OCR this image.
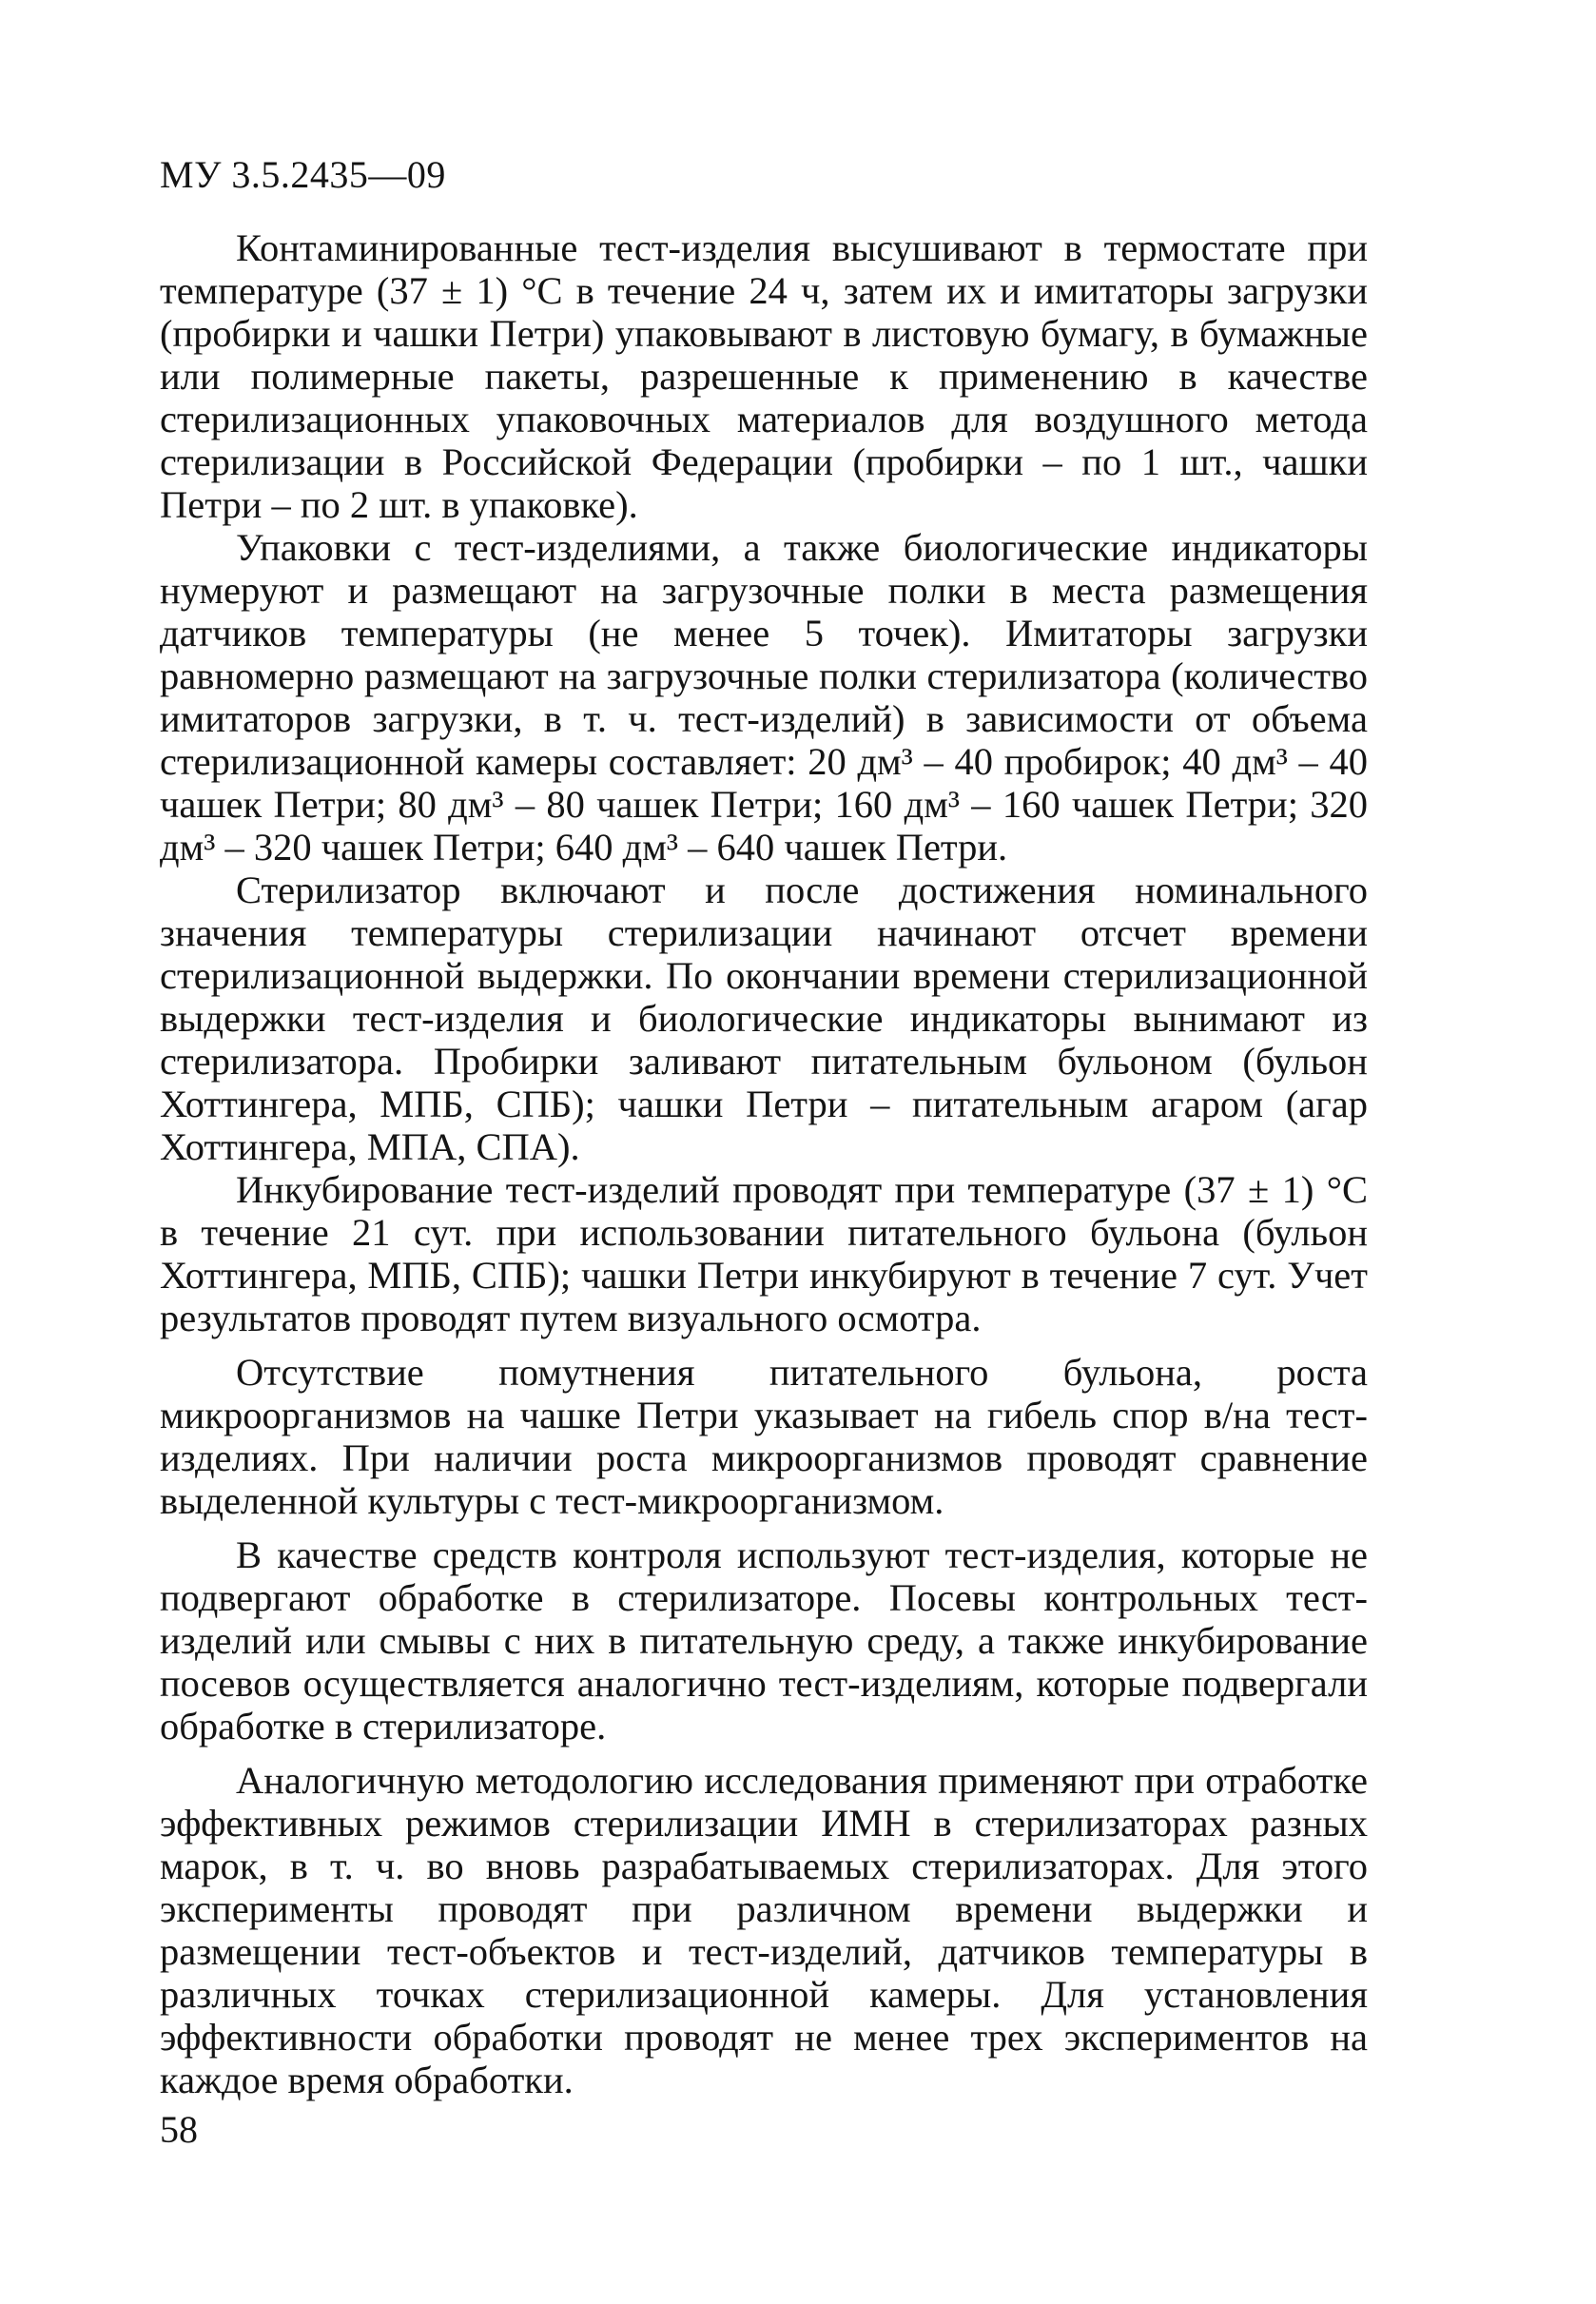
МУ 3.5.2435—09

Контаминированные тест-изделия высушивают в термостате при температуре (37 ± 1) °С в течение 24 ч, затем их и имитаторы загрузки (пробирки и чашки Петри) упаковывают в листовую бумагу, в бумажные или полимерные пакеты, разрешенные к применению в качестве стерилизационных упаковочных материалов для воздушного метода стерилизации в Российской Федерации (пробирки – по 1 шт., чашки Петри – по 2 шт. в упаковке).

Упаковки с тест-изделиями, а также биологические индикаторы нумеруют и размещают на загрузочные полки в места размещения датчиков температуры (не менее 5 точек). Имитаторы загрузки равномерно размещают на загрузочные полки стерилизатора (количество имитаторов загрузки, в т. ч. тест-изделий) в зависимости от объема стерилизационной камеры составляет: 20 дм³ – 40 пробирок; 40 дм³ – 40 чашек Петри; 80 дм³ – 80 чашек Петри; 160 дм³ – 160 чашек Петри; 320 дм³ – 320 чашек Петри; 640 дм³ – 640 чашек Петри.

Стерилизатор включают и после достижения номинального значения температуры стерилизации начинают отсчет времени стерилизационной выдержки. По окончании времени стерилизационной выдержки тест-изделия и биологические индикаторы вынимают из стерилизатора. Пробирки заливают питательным бульоном (бульон Хоттингера, МПБ, СПБ); чашки Петри – питательным агаром (агар Хоттингера, МПА, СПА).

Инкубирование тест-изделий проводят при температуре (37 ± 1) °С в течение 21 сут. при использовании питательного бульона (бульон Хоттингера, МПБ, СПБ); чашки Петри инкубируют в течение 7 сут. Учет результатов проводят путем визуального осмотра.

Отсутствие помутнения питательного бульона, роста микроорганизмов на чашке Петри указывает на гибель спор в/на тест-изделиях. При наличии роста микроорганизмов проводят сравнение выделенной культуры с тест-микроорганизмом.

В качестве средств контроля используют тест-изделия, которые не подвергают обработке в стерилизаторе. Посевы контрольных тест-изделий или смывы с них в питательную среду, а также инкубирование посевов осуществляется аналогично тест-изделиям, которые подвергали обработке в стерилизаторе.

Аналогичную методологию исследования применяют при отработке эффективных режимов стерилизации ИМН в стерилизаторах разных марок, в т. ч. во вновь разрабатываемых стерилизаторах. Для этого эксперименты проводят при различном времени выдержки и размещении тест-объектов и тест-изделий, датчиков температуры в различных точках стерилизационной камеры. Для установления эффективности обработки проводят не менее трех экспериментов на каждое время обработки.

58
